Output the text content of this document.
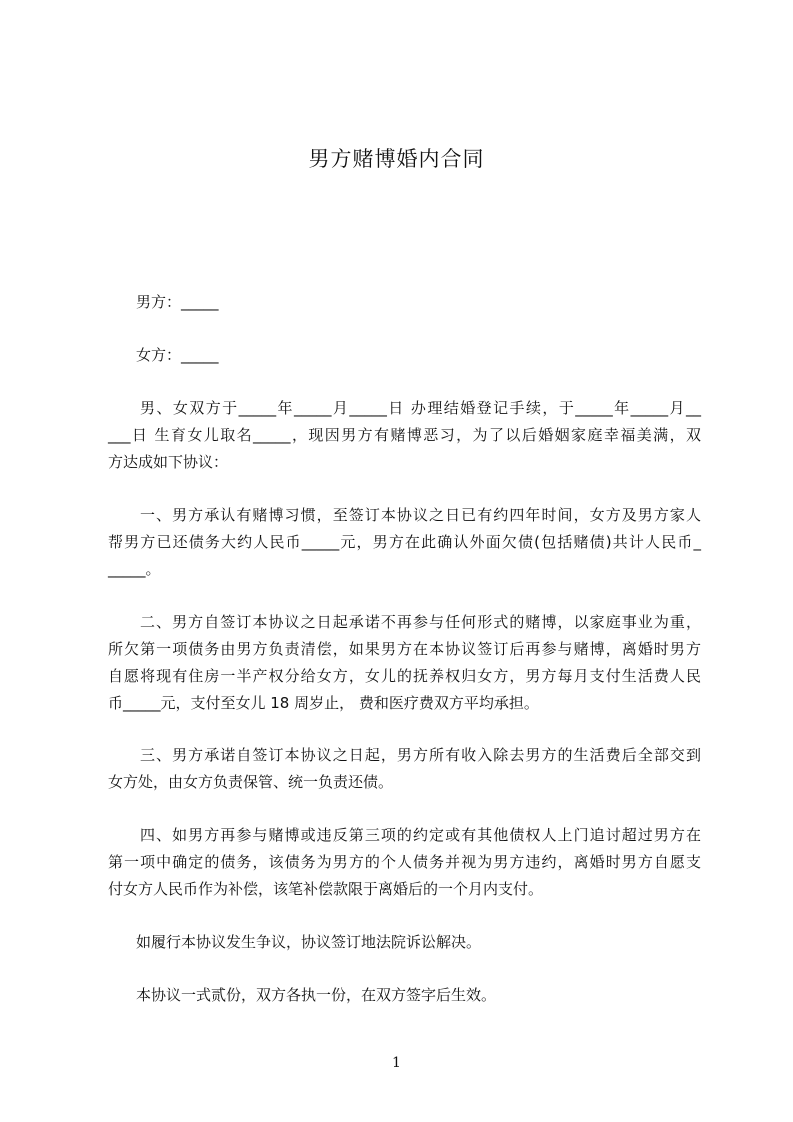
男方赌博婚内合同
男方：_____
女方：_____
男、女双方于_____年_____月_____日 办理结婚登记手续，于_____年_____月__
___日 生育女儿取名_____，现因男方有赌博恶习，为了以后婚姻家庭幸福美满，双
方达成如下协议：
一、男方承认有赌博习惯，至签订本协议之日已有约四年时间，女方及男方家人
帮男方已还债务大约人民币_____元，男方在此确认外面欠债(包括赌债)共计人民币_
_____。
二、男方自签订本协议之日起承诺不再参与任何形式的赌博，以家庭事业为重，
所欠第一项债务由男方负责清偿，如果男方在本协议签订后再参与赌博，离婚时男方
自愿将现有住房一半产权分给女方，女儿的抚养权归女方，男方每月支付生活费人民
币_____元，支付至女儿 18 周岁止， 费和医疗费双方平均承担。
三、男方承诺自签订本协议之日起，男方所有收入除去男方的生活费后全部交到
女方处，由女方负责保管、统一负责还债。
四、如男方再参与赌博或违反第三项的约定或有其他债权人上门追讨超过男方在
第一项中确定的债务，该债务为男方的个人债务并视为男方违约，离婚时男方自愿支
付女方人民币作为补偿，该笔补偿款限于离婚后的一个月内支付。
如履行本协议发生争议，协议签订地法院诉讼解决。
本协议一式贰份，双方各执一份，在双方签字后生效。
1
